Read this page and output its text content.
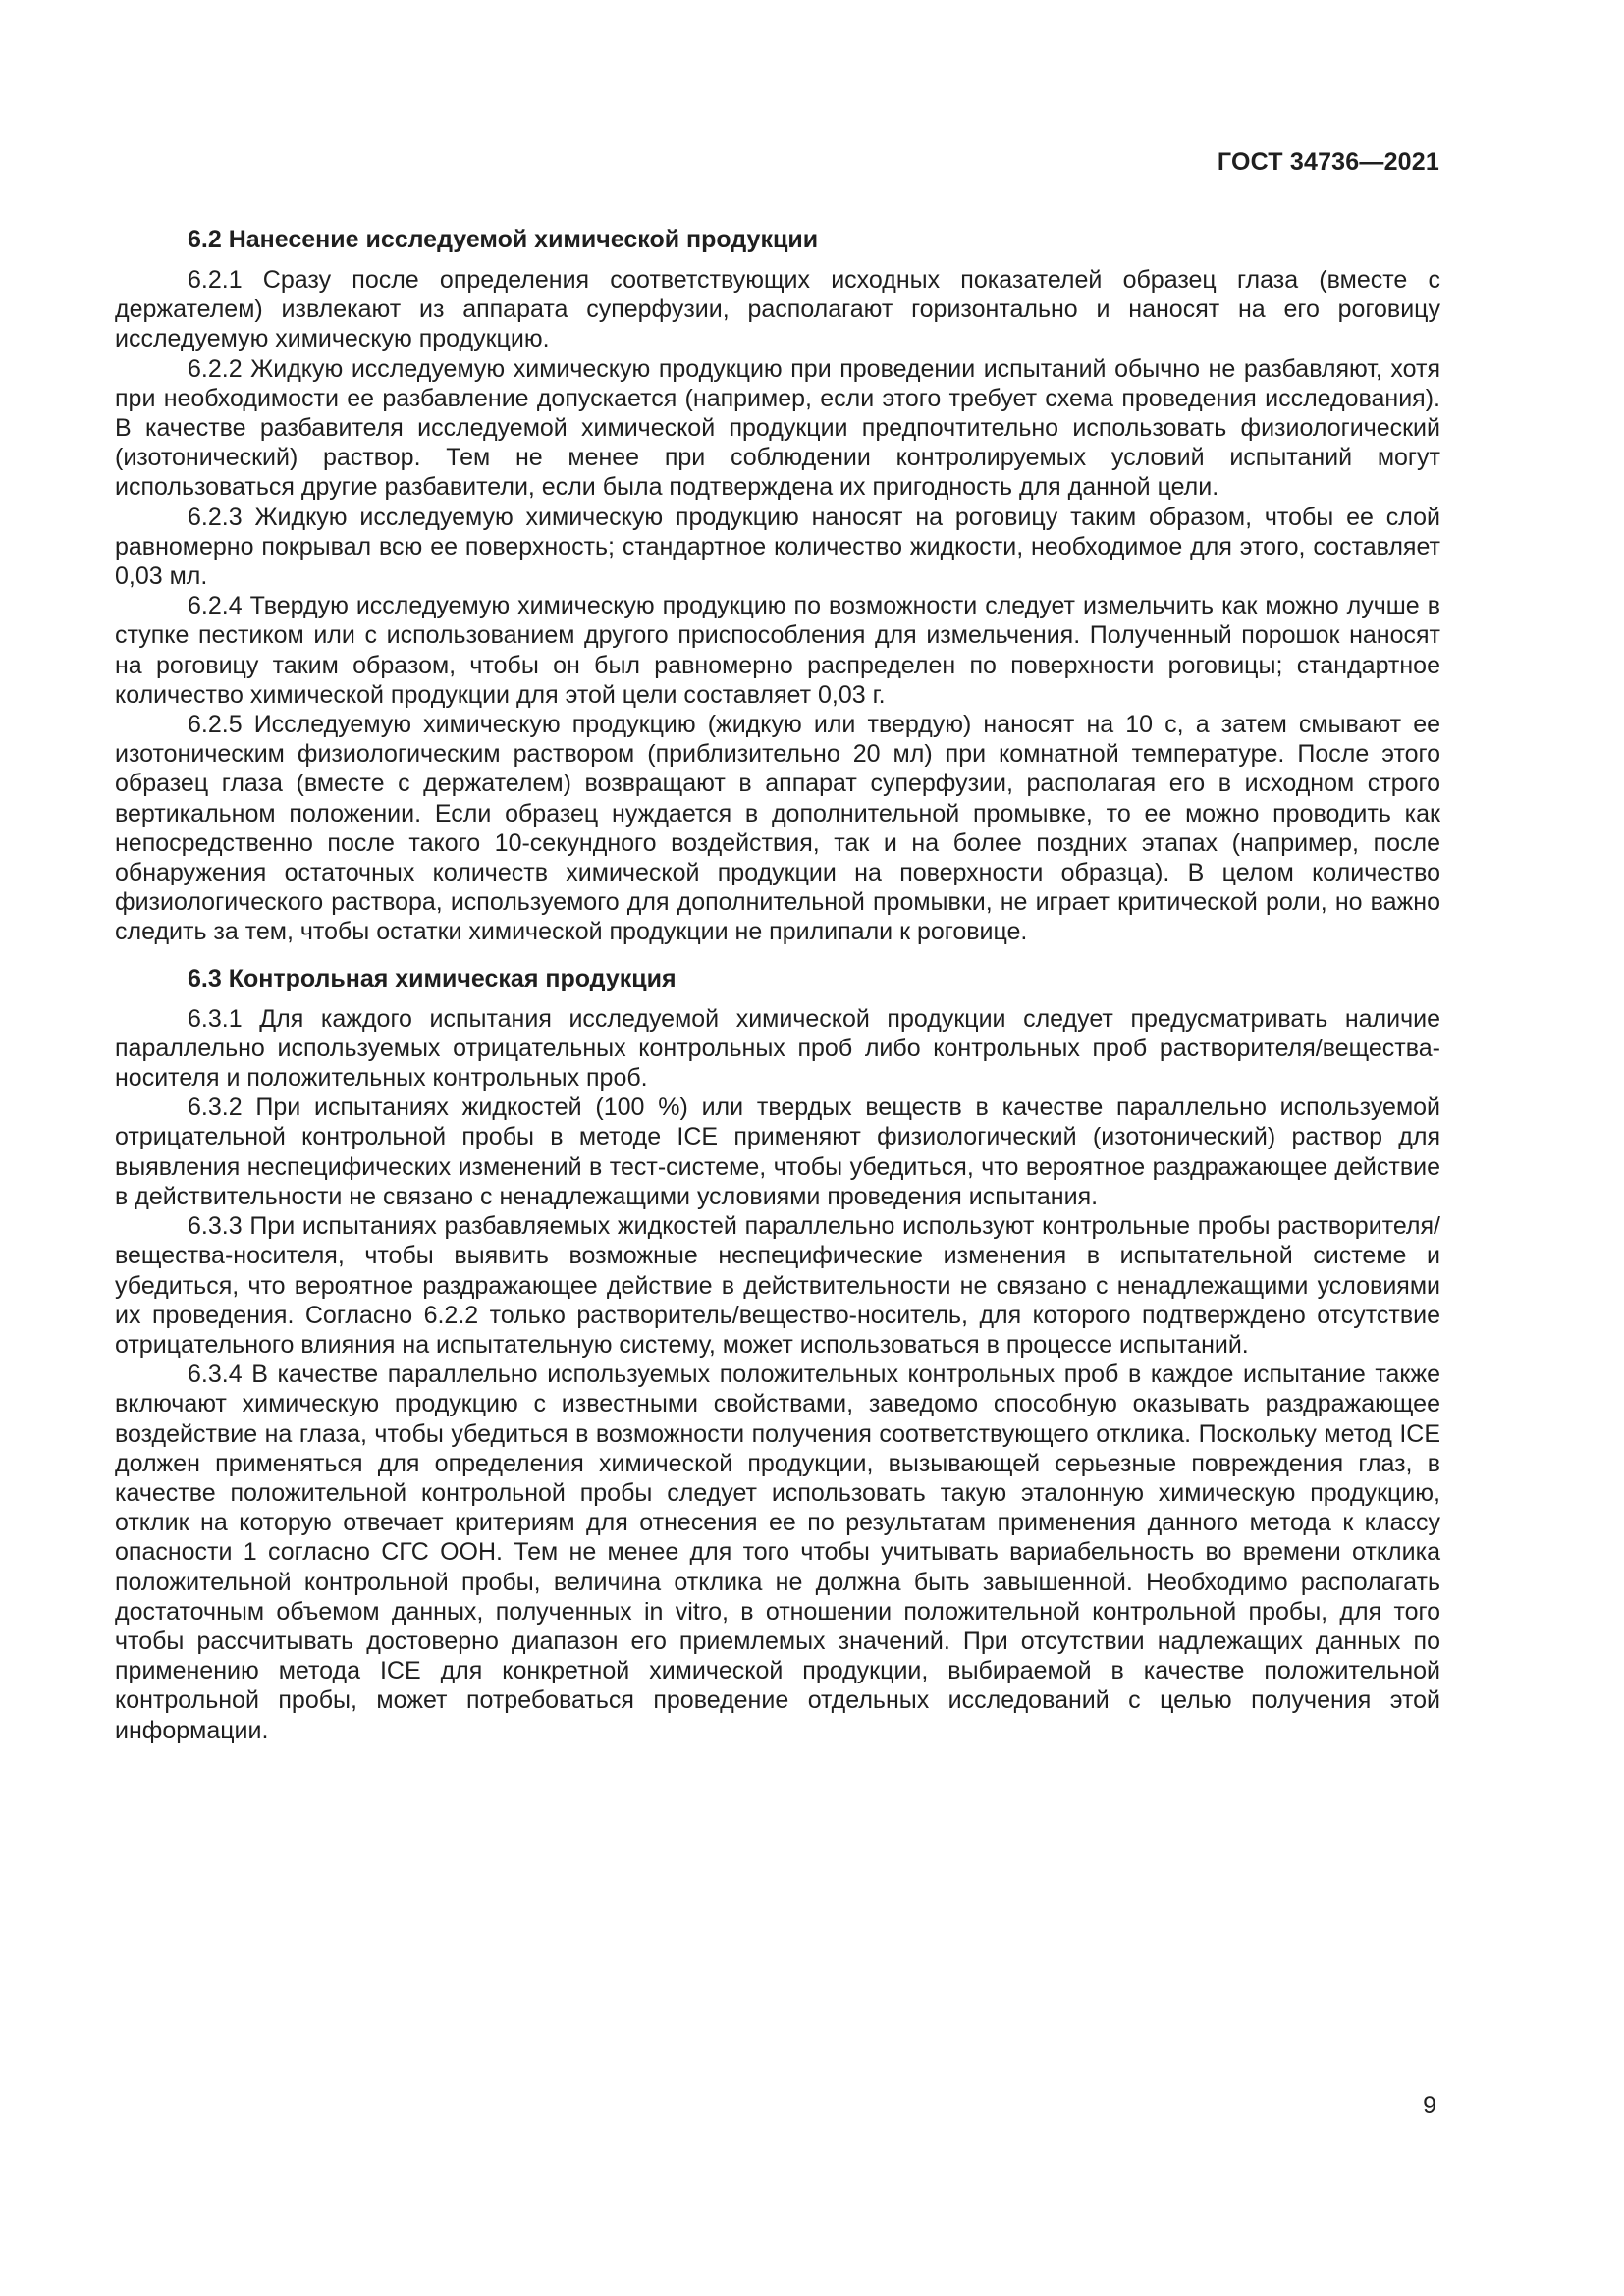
ГОСТ 34736—2021
6.2 Нанесение исследуемой химической продукции

6.2.1 Сразу после определения соответствующих исходных показателей образец глаза (вместе с держателем) извлекают из аппарата суперфузии, располагают горизонтально и наносят на его роговицу исследуемую химическую продукцию.

6.2.2 Жидкую исследуемую химическую продукцию при проведении испытаний обычно не разбавляют, хотя при необходимости ее разбавление допускается (например, если этого требует схема проведения исследования). В качестве разбавителя исследуемой химической продукции предпочтительно использовать физиологический (изотонический) раствор. Тем не менее при соблюдении контролируемых условий испытаний могут использоваться другие разбавители, если была подтверждена их пригодность для данной цели.

6.2.3 Жидкую исследуемую химическую продукцию наносят на роговицу таким образом, чтобы ее слой равномерно покрывал всю ее поверхность; стандартное количество жидкости, необходимое для этого, составляет 0,03 мл.

6.2.4 Твердую исследуемую химическую продукцию по возможности следует измельчить как можно лучше в ступке пестиком или с использованием другого приспособления для измельчения. Полученный порошок наносят на роговицу таким образом, чтобы он был равномерно распределен по поверхности роговицы; стандартное количество химической продукции для этой цели составляет 0,03 г.

6.2.5 Исследуемую химическую продукцию (жидкую или твердую) наносят на 10 с, а затем смывают ее изотоническим физиологическим раствором (приблизительно 20 мл) при комнатной температуре. После этого образец глаза (вместе с держателем) возвращают в аппарат суперфузии, располагая его в исходном строго вертикальном положении. Если образец нуждается в дополнительной промывке, то ее можно проводить как непосредственно после такого 10-секундного воздействия, так и на более поздних этапах (например, после обнаружения остаточных количеств химической продукции на поверхности образца). В целом количество физиологического раствора, используемого для дополнительной промывки, не играет критической роли, но важно следить за тем, чтобы остатки химической продукции не прилипали к роговице.

6.3 Контрольная химическая продукция

6.3.1 Для каждого испытания исследуемой химической продукции следует предусматривать наличие параллельно используемых отрицательных контрольных проб либо контрольных проб растворителя/вещества-носителя и положительных контрольных проб.

6.3.2 При испытаниях жидкостей (100 %) или твердых веществ в качестве параллельно используемой отрицательной контрольной пробы в методе ICE применяют физиологический (изотонический) раствор для выявления неспецифических изменений в тест-системе, чтобы убедиться, что вероятное раздражающее действие в действительности не связано с ненадлежащими условиями проведения испытания.

6.3.3 При испытаниях разбавляемых жидкостей параллельно используют контрольные пробы растворителя/вещества-носителя, чтобы выявить возможные неспецифические изменения в испытательной системе и убедиться, что вероятное раздражающее действие в действительности не связано с ненадлежащими условиями их проведения. Согласно 6.2.2 только растворитель/вещество-носитель, для которого подтверждено отсутствие отрицательного влияния на испытательную систему, может использоваться в процессе испытаний.

6.3.4 В качестве параллельно используемых положительных контрольных проб в каждое испытание также включают химическую продукцию с известными свойствами, заведомо способную оказывать раздражающее воздействие на глаза, чтобы убедиться в возможности получения соответствующего отклика. Поскольку метод ICE должен применяться для определения химической продукции, вызывающей серьезные повреждения глаз, в качестве положительной контрольной пробы следует использовать такую эталонную химическую продукцию, отклик на которую отвечает критериям для отнесения ее по результатам применения данного метода к классу опасности 1 согласно СГС ООН. Тем не менее для того чтобы учитывать вариабельность во времени отклика положительной контрольной пробы, величина отклика не должна быть завышенной. Необходимо располагать достаточным объемом данных, полученных in vitro, в отношении положительной контрольной пробы, для того чтобы рассчитывать достоверно диапазон его приемлемых значений. При отсутствии надлежащих данных по применению метода ICE для конкретной химической продукции, выбираемой в качестве положительной контрольной пробы, может потребоваться проведение отдельных исследований с целью получения этой информации.

9
